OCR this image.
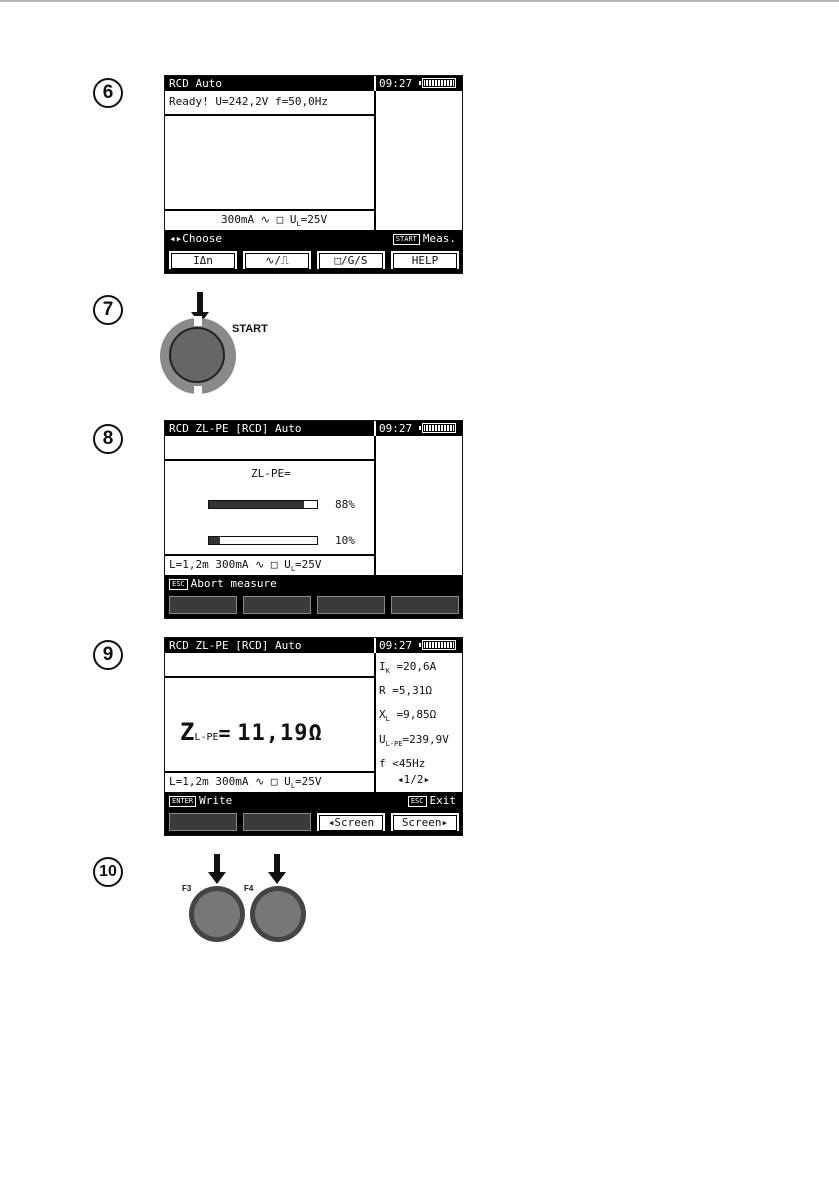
6
7
8
9
10
RCD Auto	09:27
Ready! U=242,2V f=50,0Hz
300mA ∿ □ $U_L=25V$
◂▸Choose	START Meas.
IΔn	∿/⎍	□/G/S	HELP
START
RCD ZL-PE [RCD] Auto	09:27
ZL-PE=
88%
10%
L=1,2m 300mA ∿ □ $U_L=25V$
ESC Abort measure
RCD ZL-PE [RCD] Auto	09:27
ZL-PE= 11,19Ω
$I_K =20,6A$
R =5,31Ω
$X_L =9,85\Omega$
$U_{L-PE}=239,9V$
f <45Hz
◂1/2▸
L=1,2m 300mA ∿ □ $U_L=25V$
ENTER Write	ESC Exit
◂Screen	Screen▸
F3	F4
